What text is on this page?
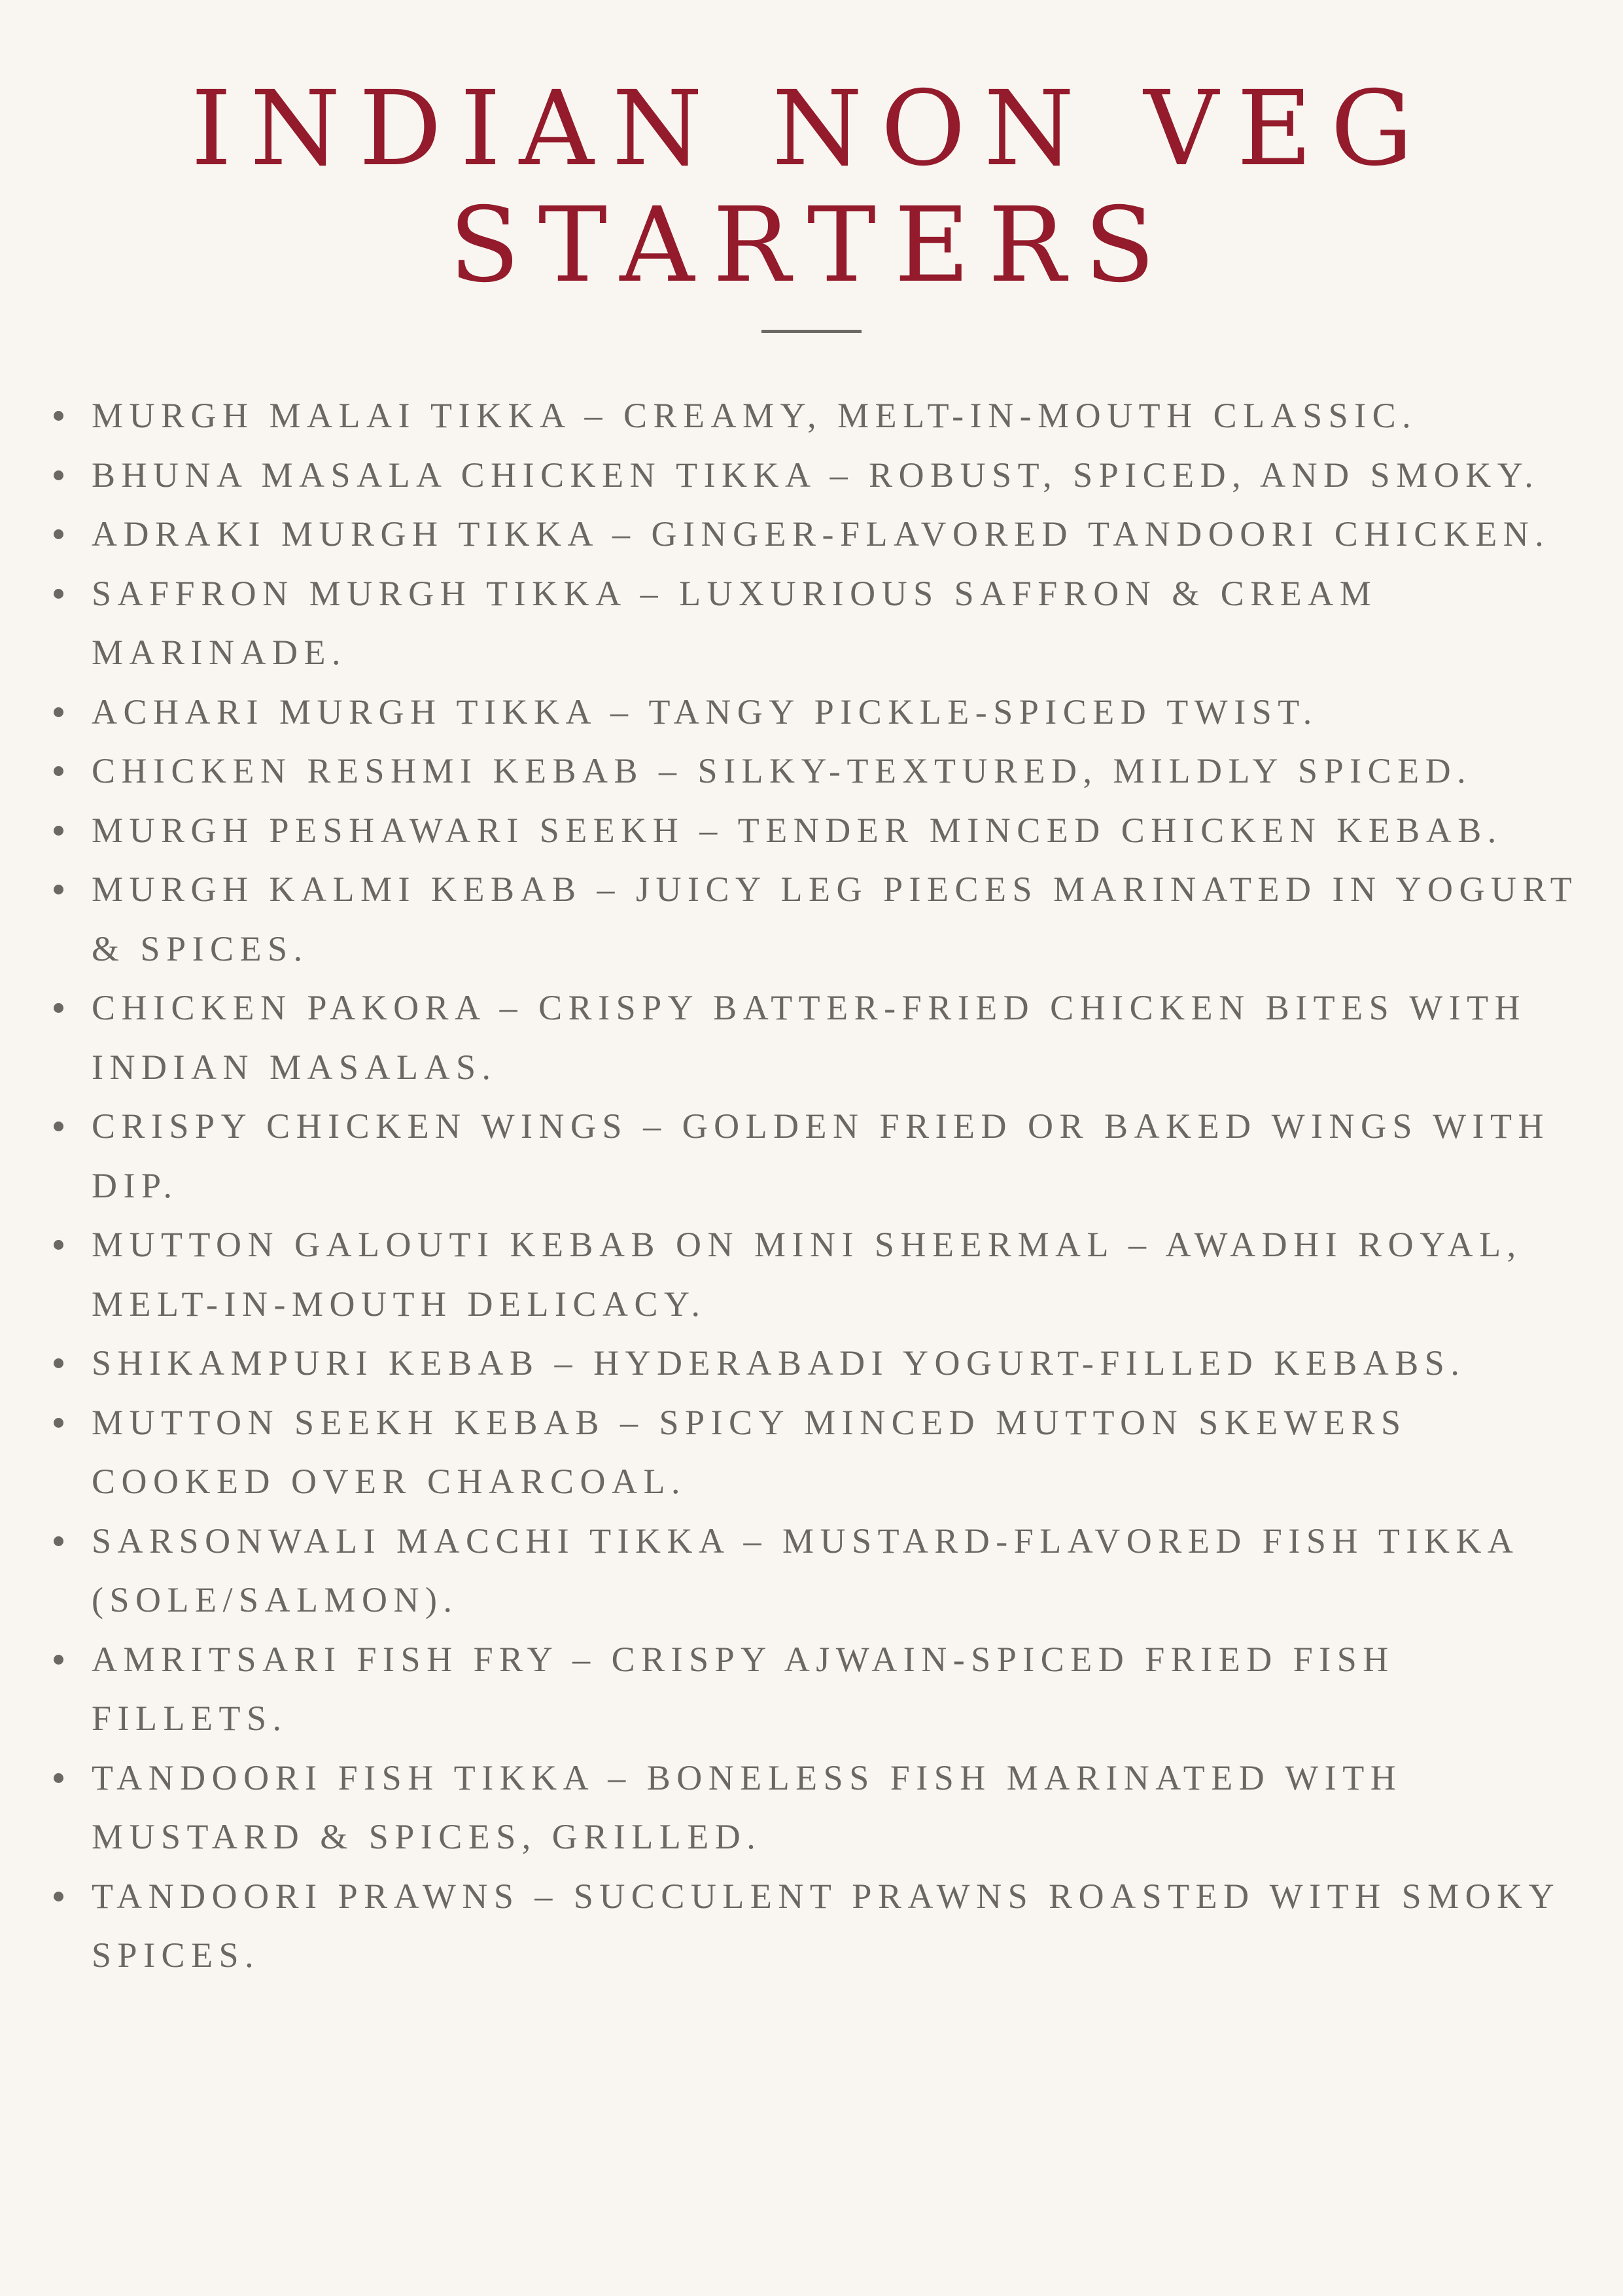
INDIAN NON VEG
STARTERS
MURGH MALAI TIKKA – CREAMY, MELT-IN-MOUTH CLASSIC.
BHUNA MASALA CHICKEN TIKKA – ROBUST, SPICED, AND SMOKY.
ADRAKI MURGH TIKKA – GINGER-FLAVORED TANDOORI CHICKEN.
SAFFRON MURGH TIKKA – LUXURIOUS SAFFRON & CREAM MARINADE.
ACHARI MURGH TIKKA – TANGY PICKLE-SPICED TWIST.
CHICKEN RESHMI KEBAB – SILKY-TEXTURED, MILDLY SPICED.
MURGH PESHAWARI SEEKH – TENDER MINCED CHICKEN KEBAB.
MURGH KALMI KEBAB – JUICY LEG PIECES MARINATED IN YOGURT & SPICES.
CHICKEN PAKORA – CRISPY BATTER-FRIED CHICKEN BITES WITH INDIAN MASALAS.
CRISPY CHICKEN WINGS – GOLDEN FRIED OR BAKED WINGS WITH DIP.
MUTTON GALOUTI KEBAB ON MINI SHEERMAL – AWADHI ROYAL, MELT-IN-MOUTH DELICACY.
SHIKAMPURI KEBAB – HYDERABADI YOGURT-FILLED KEBABS.
MUTTON SEEKH KEBAB – SPICY MINCED MUTTON SKEWERS COOKED OVER CHARCOAL.
SARSONWALI MACCHI TIKKA – MUSTARD-FLAVORED FISH TIKKA (SOLE/SALMON).
AMRITSARI FISH FRY – CRISPY AJWAIN-SPICED FRIED FISH FILLETS.
TANDOORI FISH TIKKA – BONELESS FISH MARINATED WITH MUSTARD & SPICES, GRILLED.
TANDOORI PRAWNS – SUCCULENT PRAWNS ROASTED WITH SMOKY SPICES.
